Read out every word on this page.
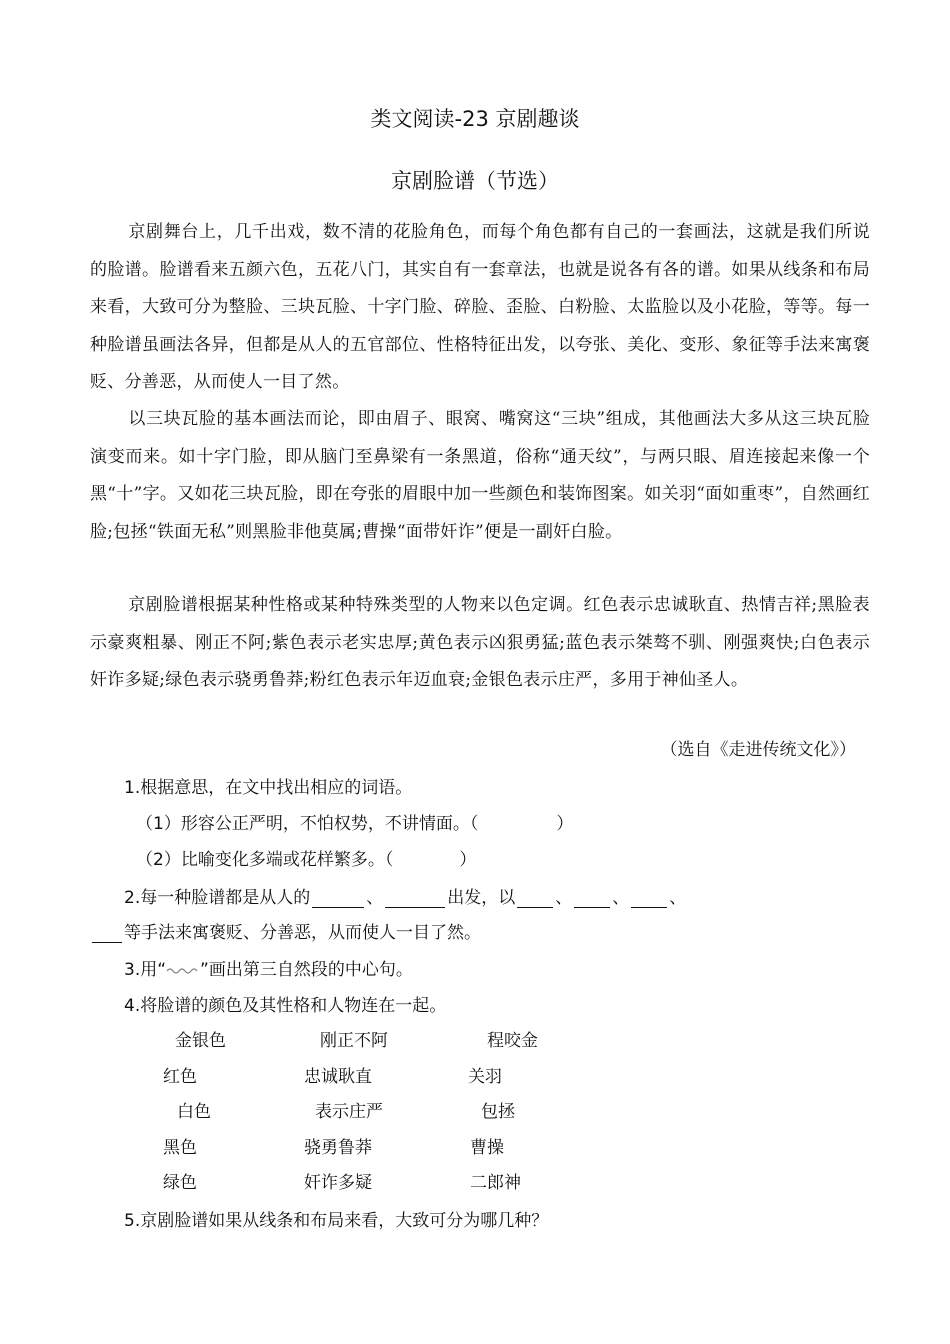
类文阅读-23 京剧趣谈
京剧脸谱（节选）
京剧舞台上，几千出戏，数不清的花脸角色，而每个角色都有自己的一套画法，这就是我们所说的脸谱。脸谱看来五颜六色，五花八门，其实自有一套章法，也就是说各有各的谱。如果从线条和布局来看，大致可分为整脸、三块瓦脸、十字门脸、碎脸、歪脸、白粉脸、太监脸以及小花脸，等等。每一种脸谱虽画法各异，但都是从人的五官部位、性格特征出发，以夸张、美化、变形、象征等手法来寓褒贬、分善恶，从而使人一目了然。
以三块瓦脸的基本画法而论，即由眉子、眼窝、嘴窝这“三块”组成，其他画法大多从这三块瓦脸演变而来。如十字门脸，即从脑门至鼻梁有一条黑道，俗称“通天纹”，与两只眼、眉连接起来像一个黑“十”字。又如花三块瓦脸，即在夸张的眉眼中加一些颜色和装饰图案。如关羽“面如重枣”，自然画红脸;包拯“铁面无私”则黑脸非他莫属;曹操“面带奸诈”便是一副奸白脸。
京剧脸谱根据某种性格或某种特殊类型的人物来以色定调。红色表示忠诚耿直、热情吉祥;黑脸表示豪爽粗暴、刚正不阿;紫色表示老实忠厚;黄色表示凶狠勇猛;蓝色表示桀骜不驯、刚强爽快;白色表示奸诈多疑;绿色表示骁勇鲁莽;粉红色表示年迈血衰;金银色表示庄严，多用于神仙圣人。
（选自《走进传统文化》）
1.根据意思，在文中找出相应的词语。
（1）形容公正严明，不怕权势，不讲情面。（	）
（2）比喻变化多端或花样繁多。（	）
2.每一种脸谱都是从人的	、	出发，以 、 、 、
等手法来寓褒贬、分善恶，从而使人一目了然。
3.用“ ”画出第三自然段的中心句。
4.将脸谱的颜色及其性格和人物连在一起。
金银色	刚正不阿	程咬金
红色	忠诚耿直	关羽
白色	表示庄严	包拯
黑色	骁勇鲁莽	曹操
绿色	奸诈多疑	二郎神
5.京剧脸谱如果从线条和布局来看，大致可分为哪几种？
